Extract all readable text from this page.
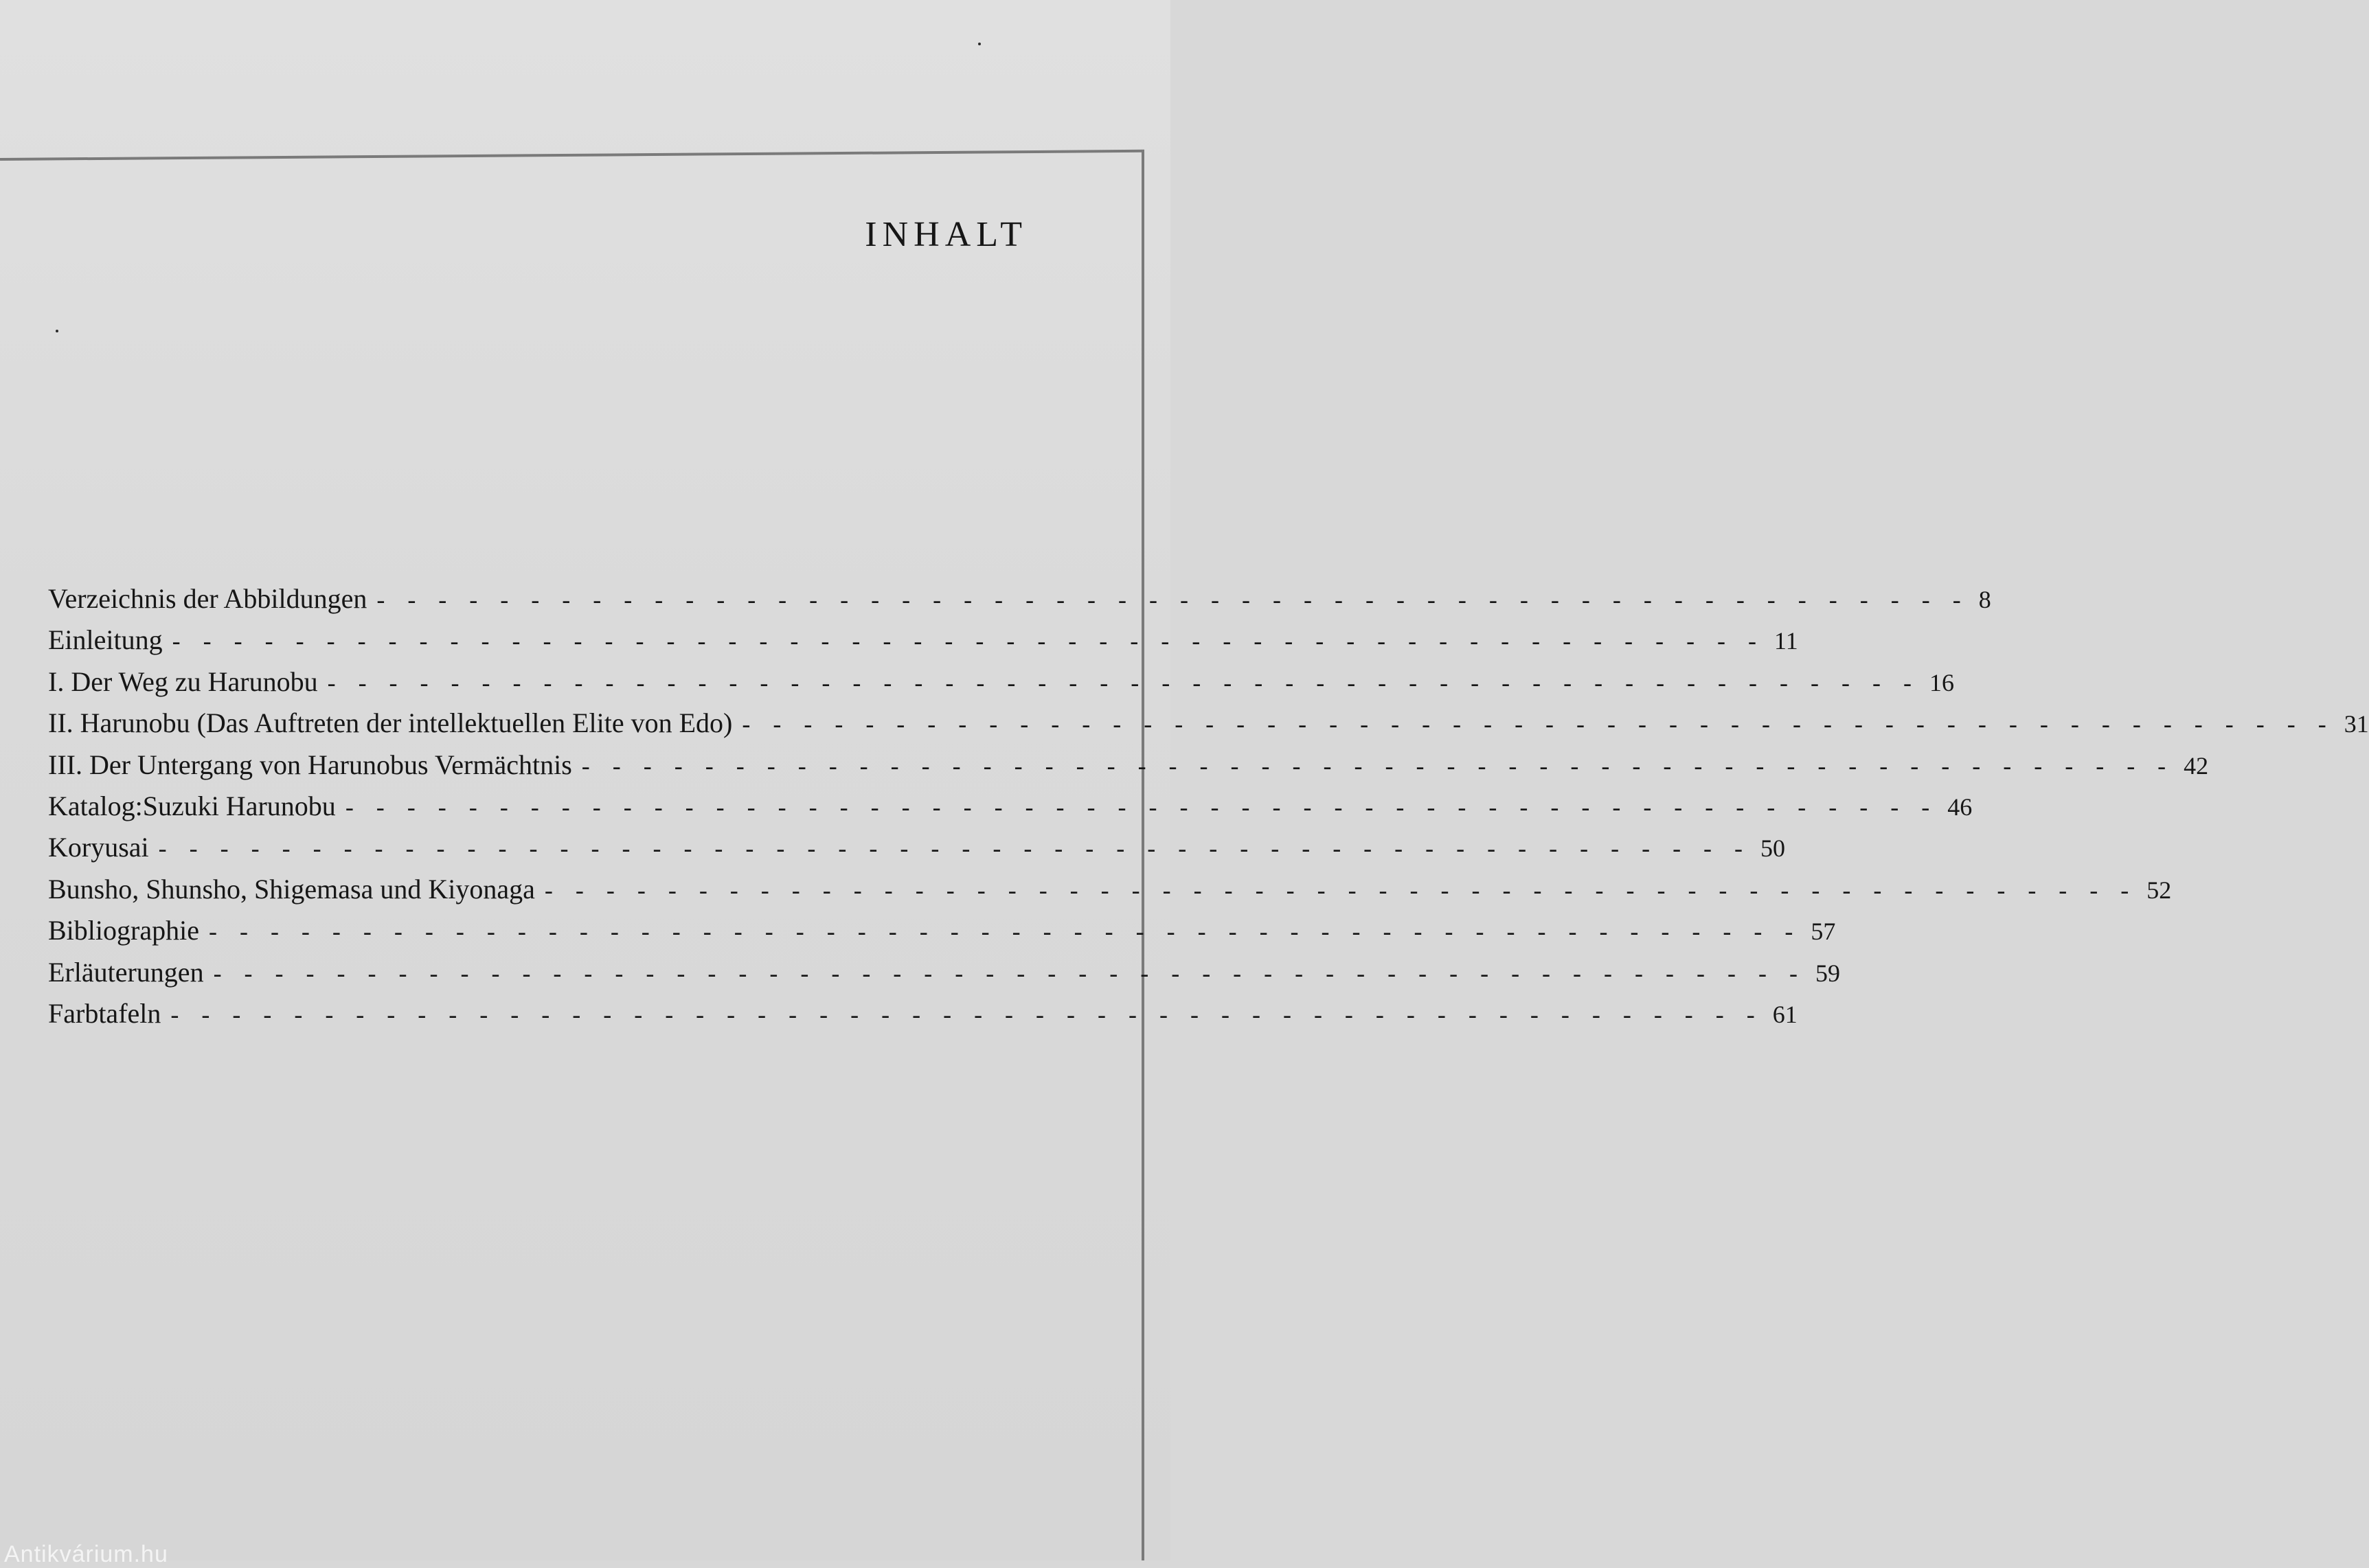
INHALT
Verzeichnis der Abbildungen - - - - - - - - - - - - - - - - - - - - - - - - - - - - - - - - - - - - - - - - - - - - - - - - - - - - 8
Einleitung - - - - - - - - - - - - - - - - - - - - - - - - - - - - - - - - - - - - - - - - - - - - - - - - - - - - 11
I. Der Weg zu Harunobu - - - - - - - - - - - - - - - - - - - - - - - - - - - - - - - - - - - - - - - - - - - - - - - - - - - - 16
II. Harunobu (Das Auftreten der intellektuellen Elite von Edo) - - - - - - - - - - - - - - - - - - - - - - - - - - - - - - - - - - - - - - - - - - - - - - - - - - - - 31
III. Der Untergang von Harunobus Vermächtnis - - - - - - - - - - - - - - - - - - - - - - - - - - - - - - - - - - - - - - - - - - - - - - - - - - - - 42
Katalog: Suzuki Harunobu - - - - - - - - - - - - - - - - - - - - - - - - - - - - - - - - - - - - - - - - - - - - - - - - - - - - 46
Koryusai - - - - - - - - - - - - - - - - - - - - - - - - - - - - - - - - - - - - - - - - - - - - - - - - - - - - 50
Bunsho, Shunsho, Shigemasa und Kiyonaga - - - - - - - - - - - - - - - - - - - - - - - - - - - - - - - - - - - - - - - - - - - - - - - - - - - - 52
Bibliographie - - - - - - - - - - - - - - - - - - - - - - - - - - - - - - - - - - - - - - - - - - - - - - - - - - - - 57
Erläuterungen - - - - - - - - - - - - - - - - - - - - - - - - - - - - - - - - - - - - - - - - - - - - - - - - - - - - 59
Farbtafeln - - - - - - - - - - - - - - - - - - - - - - - - - - - - - - - - - - - - - - - - - - - - - - - - - - - - 61
Antikvárium.hu
